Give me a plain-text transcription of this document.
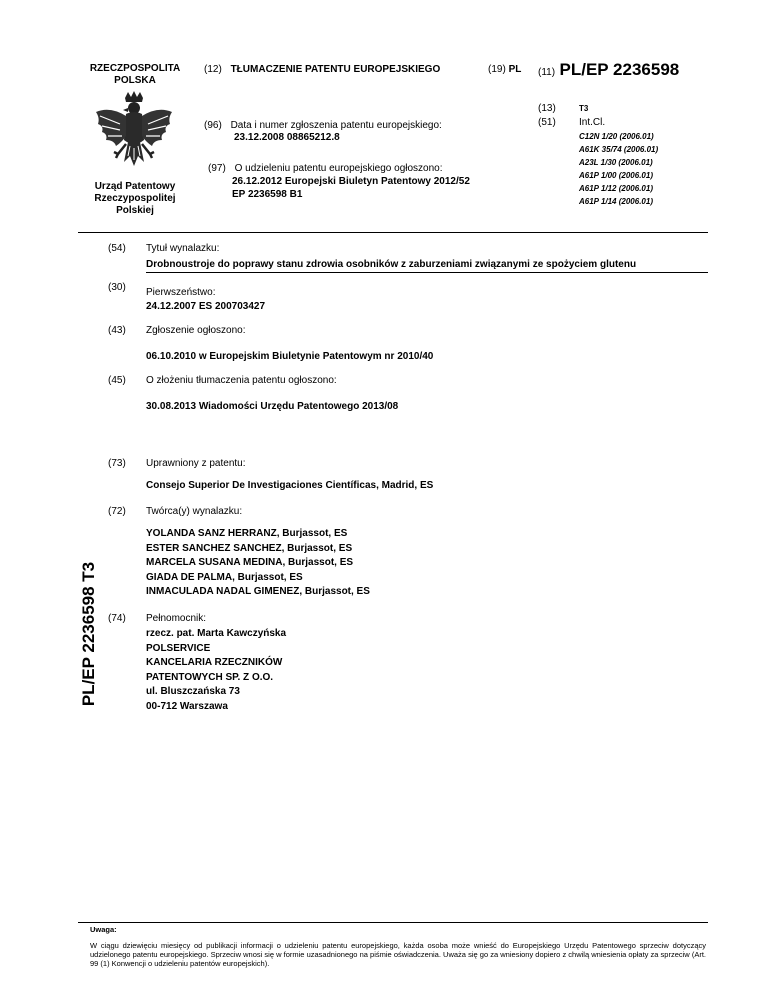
RZECZPOSPOLITA
POLSKA
Urząd Patentowy
Rzeczypospolitej
Polskiej
(12) TŁUMACZENIE PATENTU EUROPEJSKIEGO	(19) PL (11) PL/EP 2236598
(13)	T3
(51) Int.Cl.
C12N 1/20 (2006.01)
A61K 35/74 (2006.01)
A23L 1/30 (2006.01)
A61P 1/00 (2006.01)
A61P 1/12 (2006.01)
A61P 1/14 (2006.01)
(96) Data i numer zgłoszenia patentu europejskiego:
23.12.2008 08865212.8
(97) O udzieleniu patentu europejskiego ogłoszono:
26.12.2012 Europejski Biuletyn Patentowy 2012/52
EP 2236598 B1
(54) Tytuł wynalazku:
Drobnoustroje do poprawy stanu zdrowia osobników z zaburzeniami związanymi ze spożyciem glutenu
(30) Pierwszeństwo:
24.12.2007 ES 200703427
(43) Zgłoszenie ogłoszono:
06.10.2010 w Europejskim Biuletynie Patentowym nr 2010/40
(45) O złożeniu tłumaczenia patentu ogłoszono:
30.08.2013 Wiadomości Urzędu Patentowego 2013/08
(73) Uprawniony z patentu:
Consejo Superior De Investigaciones Científicas, Madrid, ES
(72) Twórca(y) wynalazku:
YOLANDA SANZ HERRANZ, Burjassot, ES
ESTER SANCHEZ SANCHEZ, Burjassot, ES
MARCELA SUSANA MEDINA, Burjassot, ES
GIADA DE PALMA, Burjassot, ES
INMACULADA NADAL GIMENEZ, Burjassot, ES
(74) Pełnomocnik:
rzecz. pat. Marta Kawczyńska
POLSERVICE
KANCELARIA RZECZNIKÓW
PATENTOWYCH SP. Z O.O.
ul. Bluszczańska 73
00-712 Warszawa
PL/EP 2236598 T3
Uwaga:
W ciągu dziewięciu miesięcy od publikacji informacji o udzieleniu patentu europejskiego, każda osoba może wnieść do Europejskiego Urzędu Patentowego sprzeciw dotyczący udzielonego patentu europejskiego. Sprzeciw wnosi się w formie uzasadnionego na piśmie oświadczenia. Uważa się go za wniesiony dopiero z chwilą wniesienia opłaty za sprzeciw (Art. 99 (1) Konwencji o udzieleniu patentów europejskich).
